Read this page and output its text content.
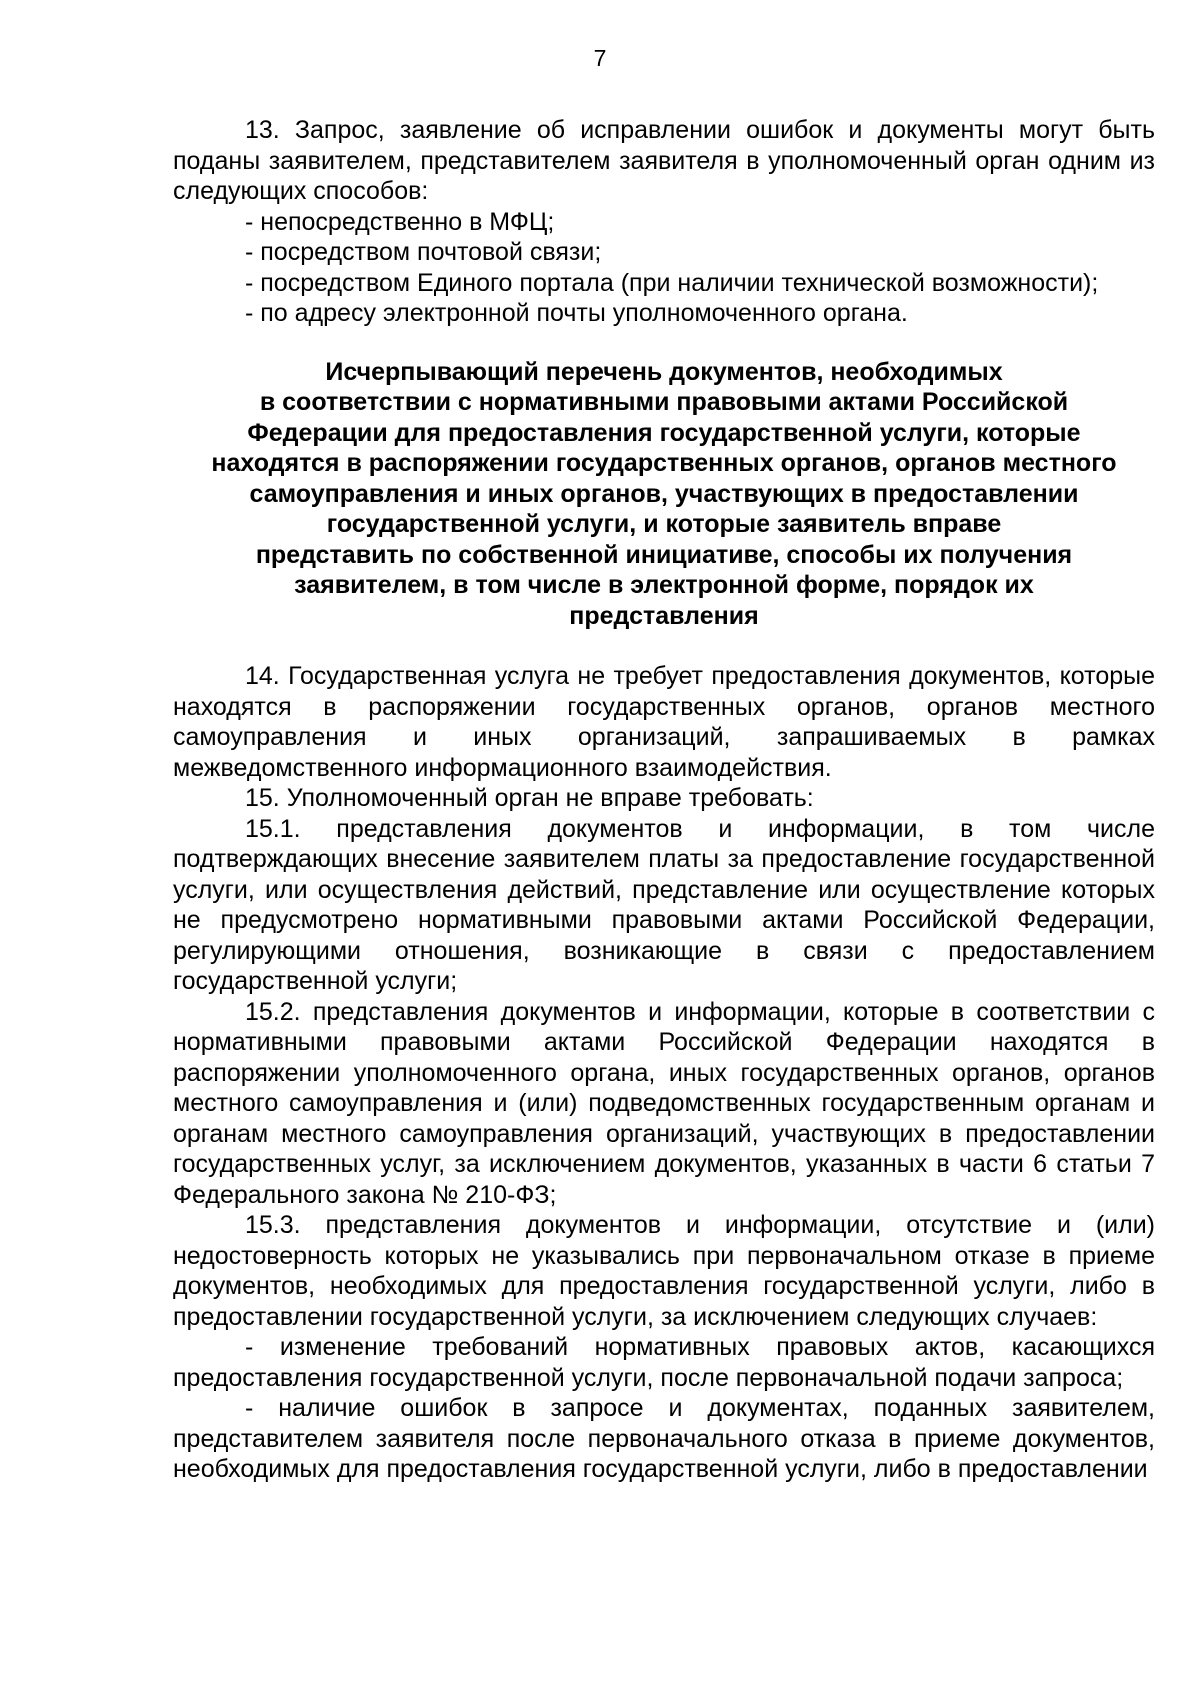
7

13. Запрос, заявление об исправлении ошибок и документы могут быть поданы заявителем, представителем заявителя в уполномоченный орган одним из следующих способов:

- непосредственно в МФЦ;

- посредством почтовой связи;

- посредством Единого портала (при наличии технической возможности);

- по адресу электронной почты уполномоченного органа.

Исчерпывающий перечень документов, необходимых
в соответствии с нормативными правовыми актами Российской
Федерации для предоставления государственной услуги, которые
находятся в распоряжении государственных органов, органов местного
самоуправления и иных органов, участвующих в предоставлении
государственной услуги, и которые заявитель вправе
представить по собственной инициативе, способы их получения
заявителем, в том числе в электронной форме, порядок их
представления

14. Государственная услуга не требует предоставления документов, которые находятся в распоряжении государственных органов, органов местного самоуправления и иных организаций, запрашиваемых в рамках межведомственного информационного взаимодействия.

15. Уполномоченный орган не вправе требовать:

15.1. представления документов и информации, в том числе подтверждающих внесение заявителем платы за предоставление государственной услуги, или осуществления действий, представление или осуществление которых не предусмотрено нормативными правовыми актами Российской Федерации, регулирующими отношения, возникающие в связи с предоставлением государственной услуги;

15.2. представления документов и информации, которые в соответствии с нормативными правовыми актами Российской Федерации находятся в распоряжении уполномоченного органа, иных государственных органов, органов местного самоуправления и (или) подведомственных государственным органам и органам местного самоуправления организаций, участвующих в предоставлении государственных услуг, за исключением документов, указанных в части 6 статьи 7 Федерального закона № 210-ФЗ;

15.3. представления документов и информации, отсутствие и (или) недостоверность которых не указывались при первоначальном отказе в приеме документов, необходимых для предоставления государственной услуги, либо в предоставлении государственной услуги, за исключением следующих случаев:

- изменение требований нормативных правовых актов, касающихся предоставления государственной услуги, после первоначальной подачи запроса;

- наличие ошибок в запросе и документах, поданных заявителем, представителем заявителя после первоначального отказа в приеме документов, необходимых для предоставления государственной услуги, либо в предоставлении
